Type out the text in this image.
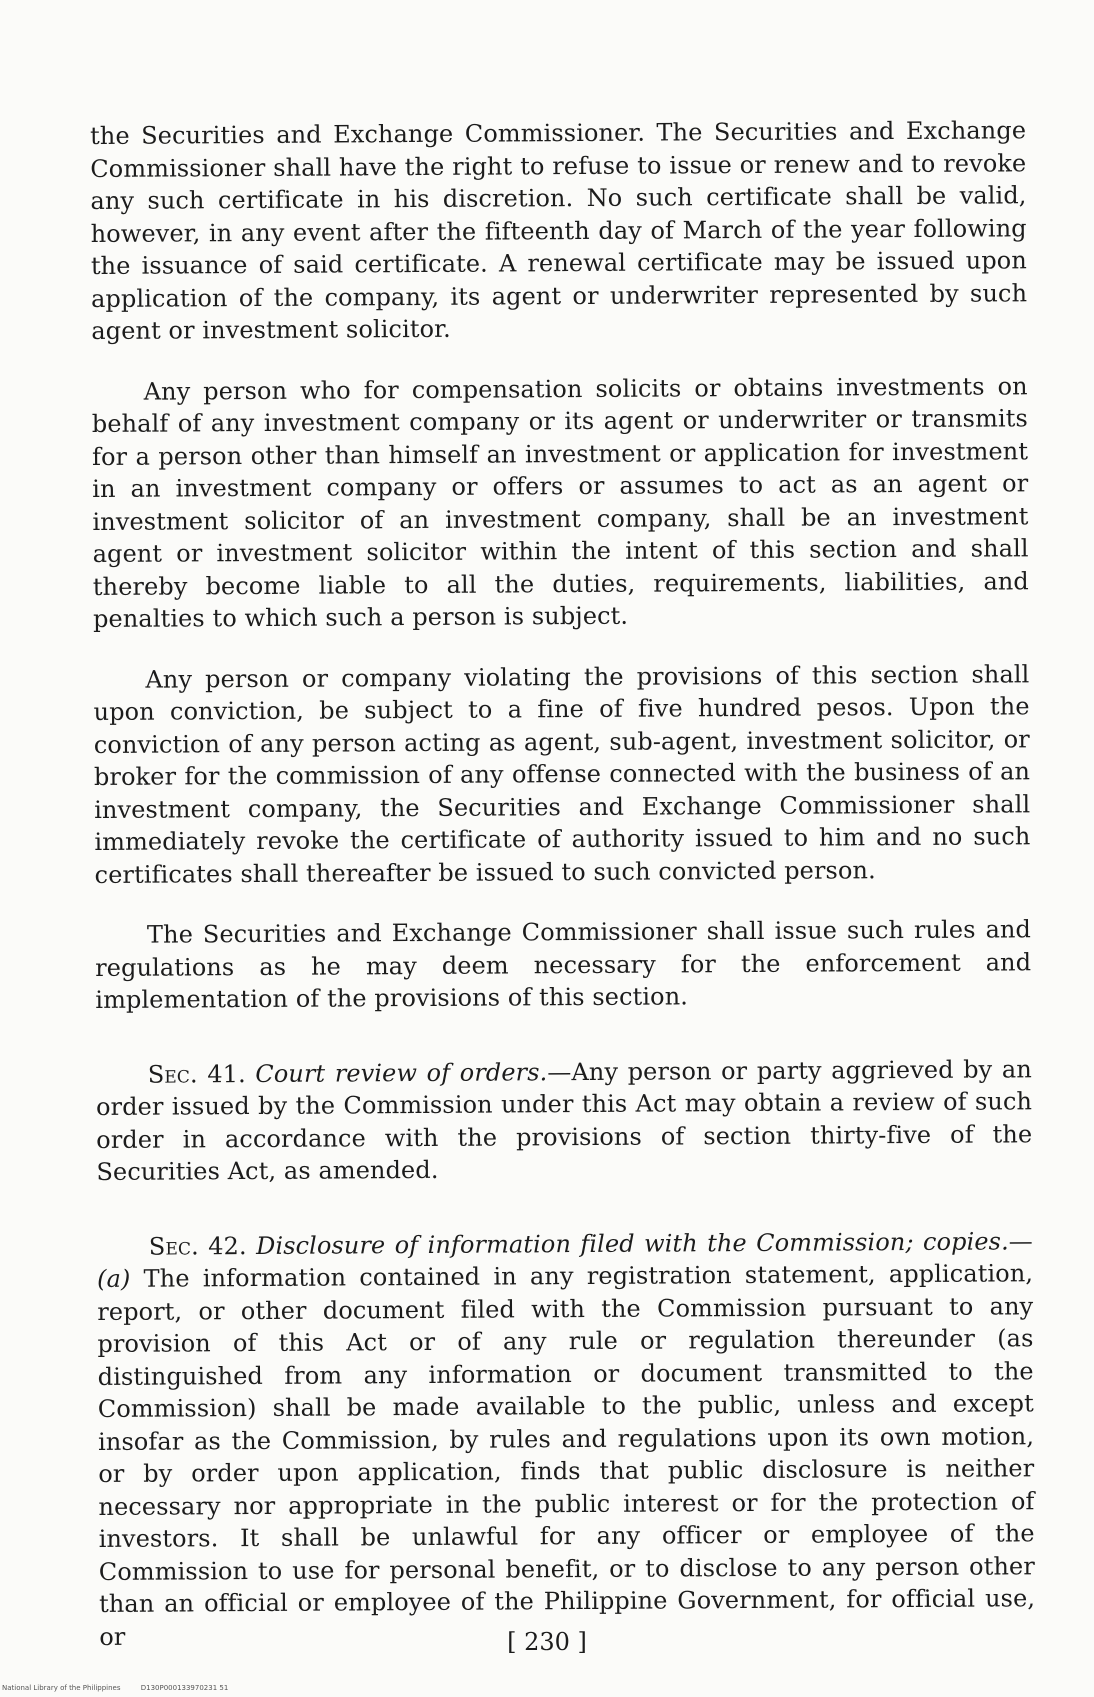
the Securities and Exchange Commissioner. The Securities and Exchange Commissioner shall have the right to refuse to issue or renew and to revoke any such certificate in his discretion. No such certificate shall be valid, however, in any event after the fifteenth day of March of the year following the issuance of said certificate. A renewal certificate may be issued upon application of the company, its agent or underwriter represented by such agent or investment solicitor.

Any person who for compensation solicits or obtains investments on behalf of any investment company or its agent or underwriter or transmits for a person other than himself an investment or application for investment in an investment company or offers or assumes to act as an agent or investment solicitor of an investment company, shall be an investment agent or investment solicitor within the intent of this section and shall thereby become liable to all the duties, requirements, liabilities, and penalties to which such a person is subject.

Any person or company violating the provisions of this section shall upon conviction, be subject to a fine of five hundred pesos. Upon the conviction of any person acting as agent, sub-agent, investment solicitor, or broker for the commission of any offense connected with the business of an investment company, the Securities and Exchange Commissioner shall immediately revoke the certificate of authority issued to him and no such certificates shall thereafter be issued to such convicted person.

The Securities and Exchange Commissioner shall issue such rules and regulations as he may deem necessary for the enforcement and implementation of the provisions of this section.

Sec. 41. Court review of orders.—Any person or party aggrieved by an order issued by the Commission under this Act may obtain a review of such order in accordance with the provisions of section thirty-five of the Securities Act, as amended.

Sec. 42. Disclosure of information filed with the Commission; copies.— (a) The information contained in any registration statement, application, report, or other document filed with the Commission pursuant to any provision of this Act or of any rule or regulation thereunder (as distinguished from any information or document transmitted to the Commission) shall be made available to the public, unless and except insofar as the Commission, by rules and regulations upon its own motion, or by order upon application, finds that public disclosure is neither necessary nor appropriate in the public interest or for the protection of investors. It shall be unlawful for any officer or employee of the Commission to use for personal benefit, or to disclose to any person other than an official or employee of the Philippine Government, for official use, or	[ 230 ]
National Library of the Philippines	D130P000133970231 51
